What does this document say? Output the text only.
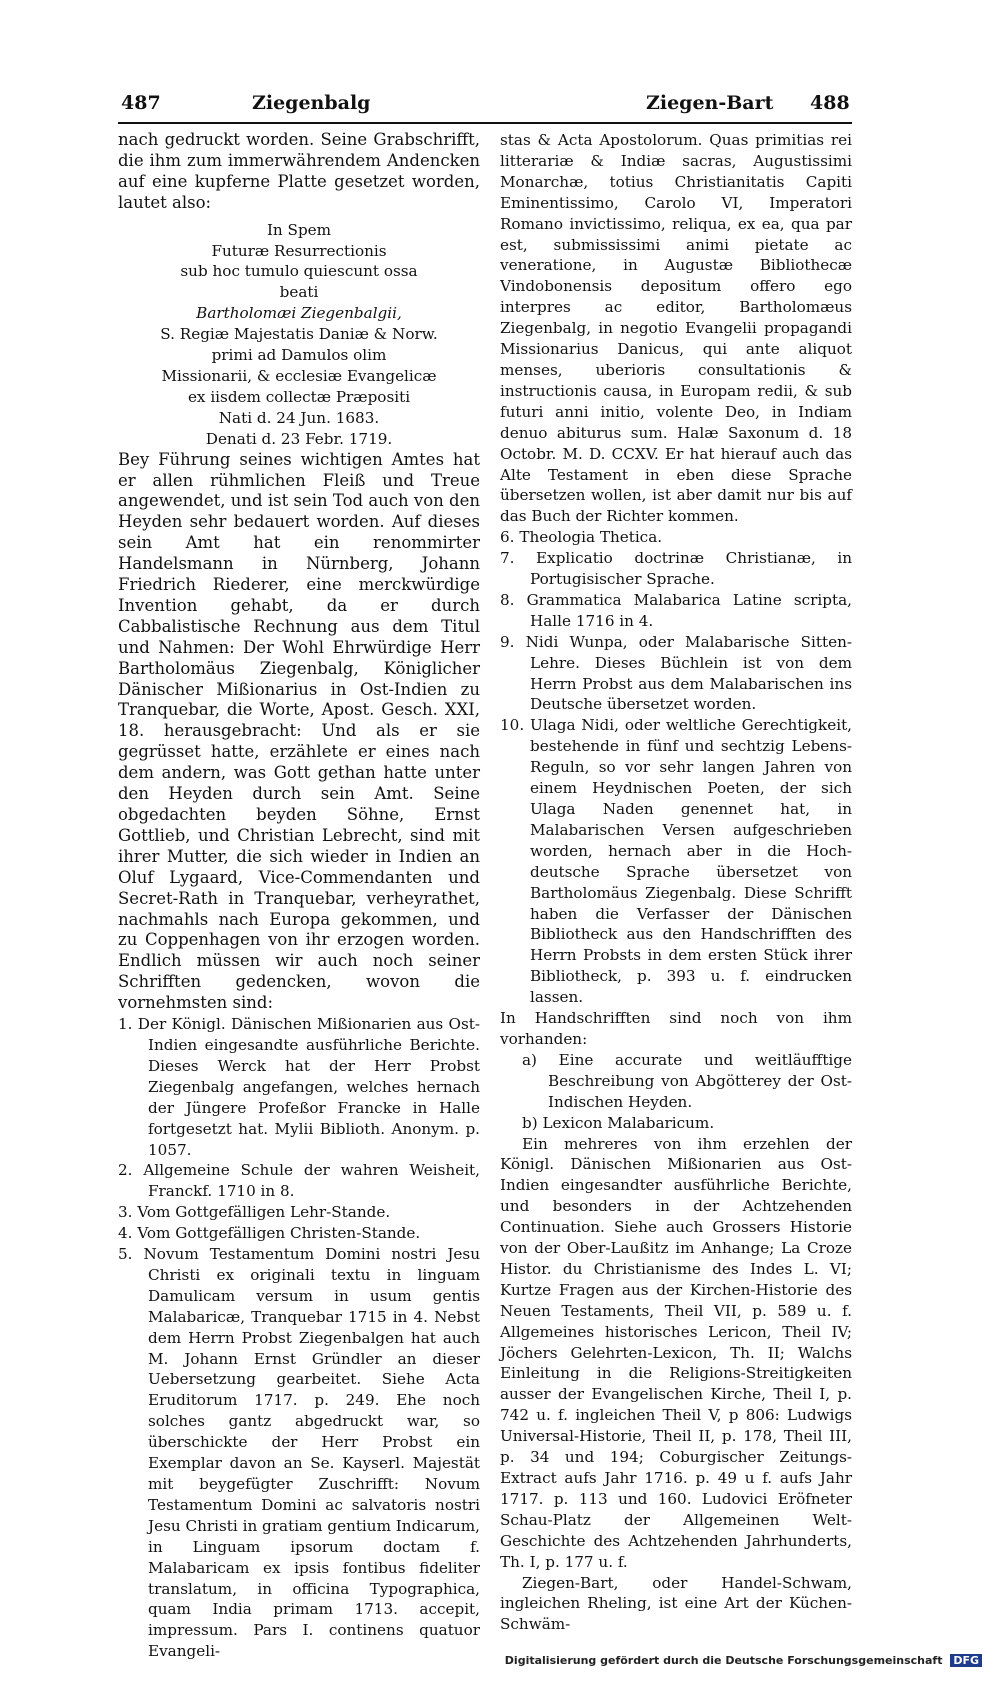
487	Ziegenbalg	Ziegen-Bart 488

nach gedruckt worden. Seine Grabschrifft, die ihm zum immerwährendem Andencken auf eine kupferne Platte gesetzet worden, lautet also:

In Spem

Futuræ Resurrectionis

sub hoc tumulo quiescunt ossa

beati

Bartholomæi Ziegenbalgii,

S. Regiæ Majestatis Daniæ & Norw.

primi ad Damulos olim

Missionarii, & ecclesiæ Evangelicæ

ex iisdem collectæ Præpositi

Nati d. 24 Jun. 1683.

Denati d. 23 Febr. 1719.

Bey Führung seines wichtigen Amtes hat er allen rühmlichen Fleiß und Treue angewendet, und ist sein Tod auch von den Heyden sehr bedauert worden. Auf dieses sein Amt hat ein renommirter Handelsmann in Nürnberg, Johann Friedrich Riederer, eine merckwürdige Invention gehabt, da er durch Cabbalistische Rechnung aus dem Titul und Nahmen: Der Wohl Ehrwürdige Herr Bartholomäus Ziegenbalg, Königlicher Dänischer Mißionarius in Ost-Indien zu Tranquebar, die Worte, Apost. Gesch. XXI, 18. herausgebracht: Und als er sie gegrüsset hatte, erzählete er eines nach dem andern, was Gott gethan hatte unter den Heyden durch sein Amt. Seine obgedachten beyden Söhne, Ernst Gottlieb, und Christian Lebrecht, sind mit ihrer Mutter, die sich wieder in Indien an Oluf Lygaard, Vice-Commendanten und Secret-Rath in Tranquebar, verheyrathet, nachmahls nach Europa gekommen, und zu Coppenhagen von ihr erzogen worden. Endlich müssen wir auch noch seiner Schrifften gedencken, wovon die vornehmsten sind:

1. Der Königl. Dänischen Mißionarien aus Ost-Indien eingesandte ausführliche Berichte. Dieses Werck hat der Herr Probst Ziegenbalg angefangen, welches hernach der Jüngere Profeßor Francke in Halle fortgesetzt hat. Mylii Biblioth. Anonym. p. 1057.

2. Allgemeine Schule der wahren Weisheit, Franckf. 1710 in 8.

3. Vom Gottgefälligen Lehr-Stande.

4. Vom Gottgefälligen Christen-Stande.

5. Novum Testamentum Domini nostri Jesu Christi ex originali textu in linguam Damulicam versum in usum gentis Malabaricæ, Tranquebar 1715 in 4. Nebst dem Herrn Probst Ziegenbalgen hat auch M. Johann Ernst Gründler an dieser Uebersetzung gearbeitet. Siehe Acta Eruditorum 1717. p. 249. Ehe noch solches gantz abgedruckt war, so überschickte der Herr Probst ein Exemplar davon an Se. Kayserl. Majestät mit beygefügter Zuschrifft: Novum Testamentum Domini ac salvatoris nostri Jesu Christi in gratiam gentium Indicarum, in Linguam ipsorum doctam f. Malabaricam ex ipsis fontibus fideliter translatum, in officina Typographica, quam India primam 1713. accepit, impressum. Pars I. continens quatuor Evangeli-

stas & Acta Apostolorum. Quas primitias rei litterariæ & Indiæ sacras, Augustissimi Monarchæ, totius Christianitatis Capiti Eminentissimo, Carolo VI, Imperatori Romano invictissimo, reliqua, ex ea, qua par est, submississimi animi pietate ac veneratione, in Augustæ Bibliothecæ Vindobonensis depositum offero ego interpres ac editor, Bartholomæus Ziegenbalg, in negotio Evangelii propagandi Missionarius Danicus, qui ante aliquot menses, uberioris consultationis & instructionis causa, in Europam redii, & sub futuri anni initio, volente Deo, in Indiam denuo abiturus sum. Halæ Saxonum d. 18 Octobr. M. D. CCXV. Er hat hierauf auch das Alte Testament in eben diese Sprache übersetzen wollen, ist aber damit nur bis auf das Buch der Richter kommen.

6. Theologia Thetica.

7. Explicatio doctrinæ Christianæ, in Portugisischer Sprache.

8. Grammatica Malabarica Latine scripta, Halle 1716 in 4.

9. Nidi Wunpa, oder Malabarische Sitten-Lehre. Dieses Büchlein ist von dem Herrn Probst aus dem Malabarischen ins Deutsche übersetzet worden.

10. Ulaga Nidi, oder weltliche Gerechtigkeit, bestehende in fünf und sechtzig Lebens-Reguln, so vor sehr langen Jahren von einem Heydnischen Poeten, der sich Ulaga Naden genennet hat, in Malabarischen Versen aufgeschrieben worden, hernach aber in die Hoch-deutsche Sprache übersetzet von Bartholomäus Ziegenbalg. Diese Schrifft haben die Verfasser der Dänischen Bibliotheck aus den Handschrifften des Herrn Probsts in dem ersten Stück ihrer Bibliotheck, p. 393 u. f. eindrucken lassen.

In Handschrifften sind noch von ihm vorhanden:

a) Eine accurate und weitläufftige Beschreibung von Abgötterey der Ost-Indischen Heyden.

b) Lexicon Malabaricum.

Ein mehreres von ihm erzehlen der Königl. Dänischen Mißionarien aus Ost-Indien eingesandter ausführliche Berichte, und besonders in der Achtzehenden Continuation. Siehe auch Grossers Historie von der Ober-Laußitz im Anhange; La Croze Histor. du Christianisme des Indes L. VI; Kurtze Fragen aus der Kirchen-Historie des Neuen Testaments, Theil VII, p. 589 u. f. Allgemeines historisches Lericon, Theil IV; Jöchers Gelehrten-Lexicon, Th. II; Walchs Einleitung in die Religions-Streitigkeiten ausser der Evangelischen Kirche, Theil I, p. 742 u. f. ingleichen Theil V, p 806: Ludwigs Universal-Historie, Theil II, p. 178, Theil III, p. 34 und 194; Coburgischer Zeitungs-Extract aufs Jahr 1716. p. 49 u f. aufs Jahr 1717. p. 113 und 160. Ludovici Eröfneter Schau-Platz der Allgemeinen Welt-Geschichte des Achtzehenden Jahrhunderts, Th. I, p. 177 u. f.

Ziegen-Bart, oder Handel-Schwam, ingleichen Rheling, ist eine Art der Küchen-Schwäm-

Digitalisierung gefördert durch die Deutsche Forschungsgemeinschaft DFG
